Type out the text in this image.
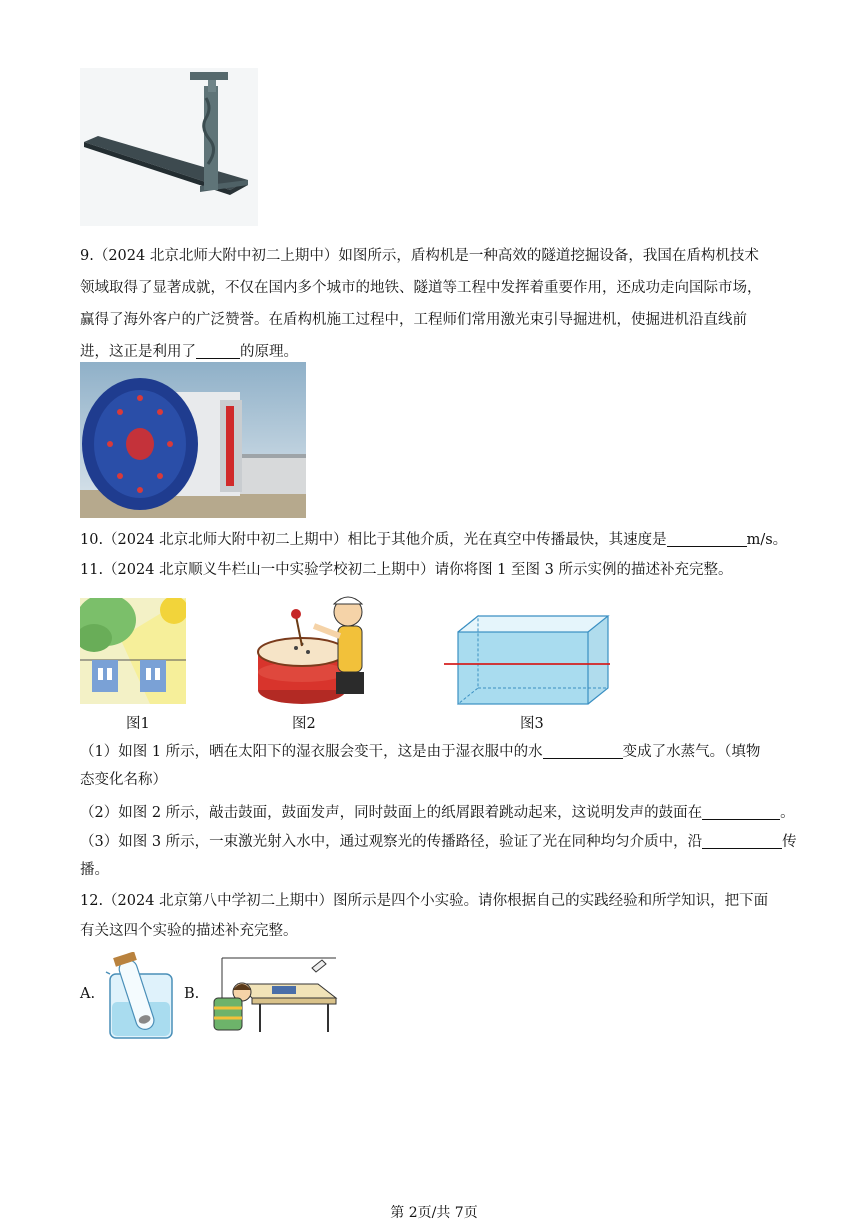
9.（2024 北京北师大附中初二上期中）如图所示，盾构机是一种高效的隧道挖掘设备，我国在盾构机技术
领域取得了显著成就，不仅在国内多个城市的地铁、隧道等工程中发挥着重要作用，还成功走向国际市场，
赢得了海外客户的广泛赞誉。在盾构机施工过程中，工程师们常用激光束引导掘进机，使掘进机沿直线前
进，这正是利用了	的原理。
10.（2024 北京北师大附中初二上期中）相比于其他介质，光在真空中传播最快，其速度是	m/s。
11.（2024 北京顺义牛栏山一中实验学校初二上期中）请你将图 1 至图 3 所示实例的描述补充完整。
图1	图2	图3
（1）如图 1 所示，晒在太阳下的湿衣服会变干，这是由于湿衣服中的水	变成了水蒸气。（填物
态变化名称）
（2）如图 2 所示，敲击鼓面，鼓面发声，同时鼓面上的纸屑跟着跳动起来，这说明发声的鼓面在	。
（3）如图 3 所示，一束激光射入水中，通过观察光的传播路径，验证了光在同种均匀介质中，沿	传
播。
12.（2024 北京第八中学初二上期中）图所示是四个小实验。请你根据自己的实践经验和所学知识，把下面
有关这四个实验的描述补充完整。
A.	B.
第 2页/共 7页
